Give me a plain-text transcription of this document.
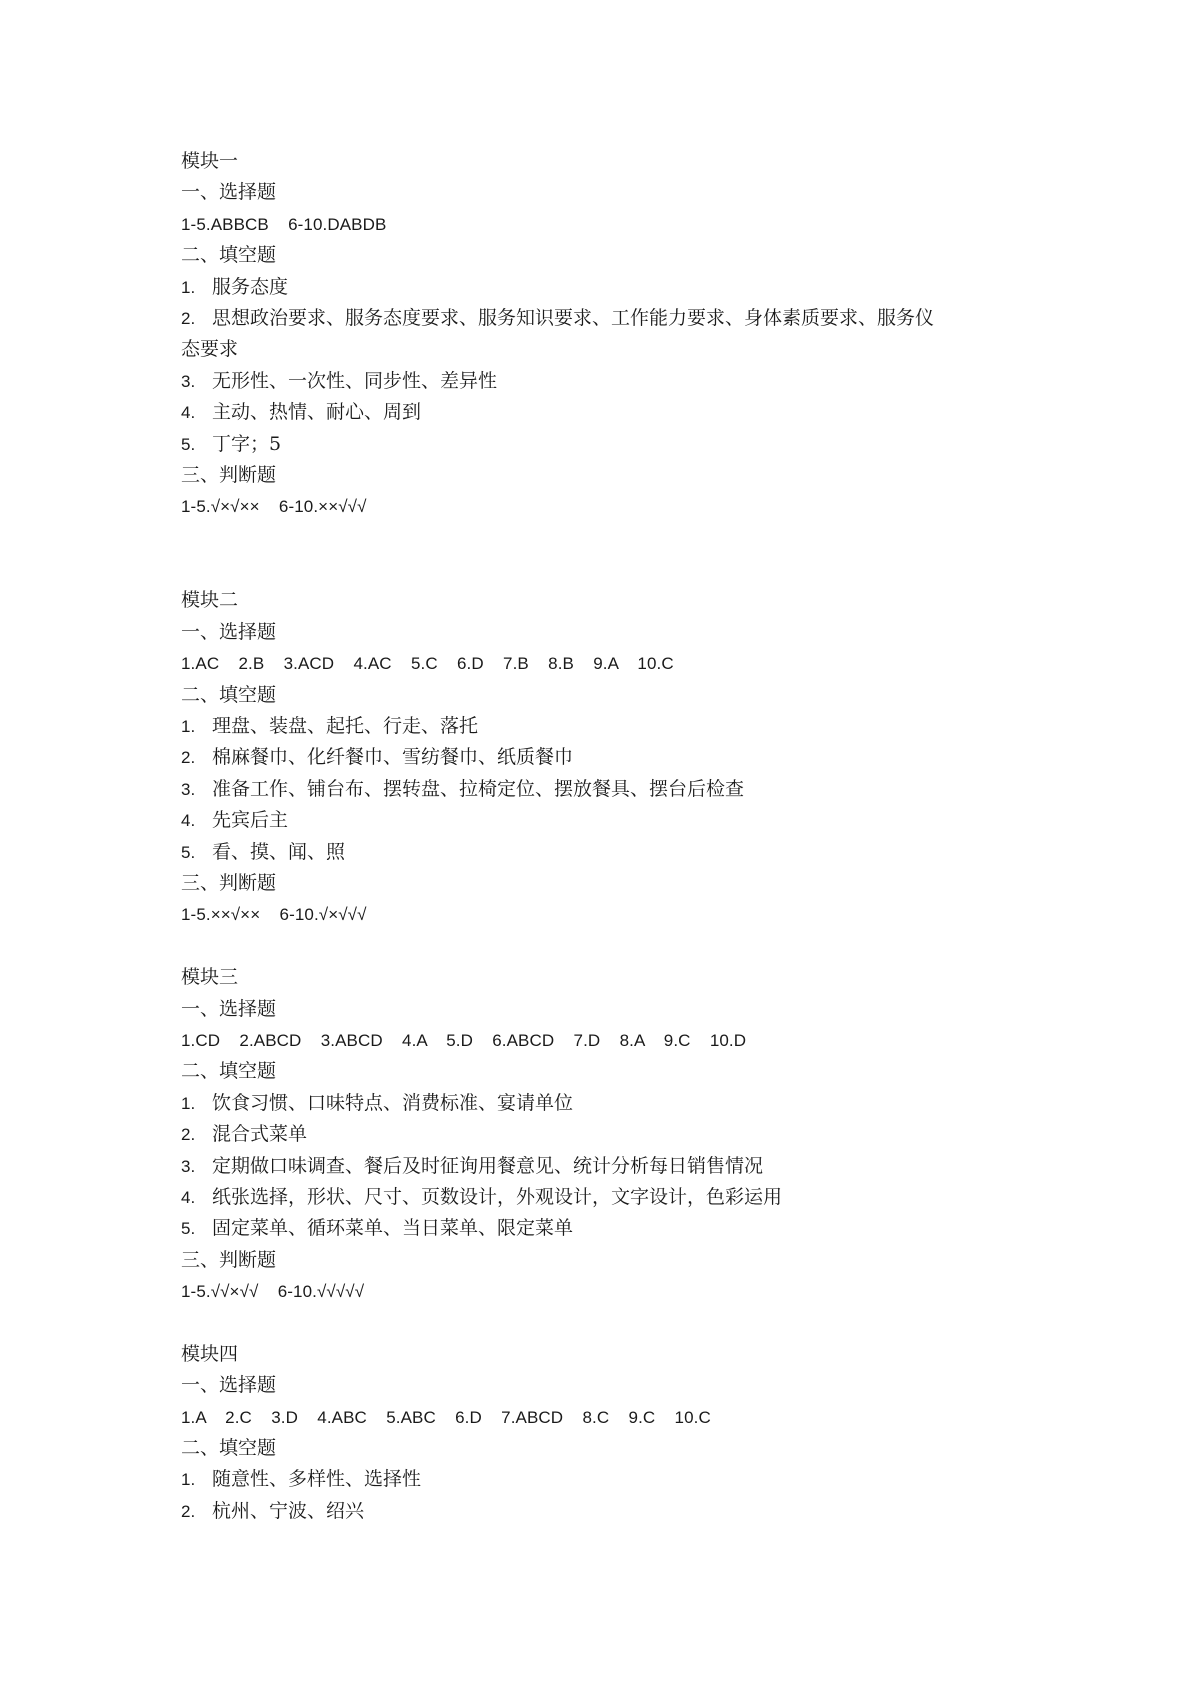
模块一
一、选择题
1-5.ABBCB    6-10.DABDB
二、填空题
1. 服务态度
2. 思想政治要求、服务态度要求、服务知识要求、工作能力要求、身体素质要求、服务仪
态要求
3. 无形性、一次性、同步性、差异性
4. 主动、热情、耐心、周到
5. 丁字；5
三、判断题
1-5.√×√××    6-10.××√√√
模块二
一、选择题
1.AC    2.B    3.ACD    4.AC    5.C    6.D    7.B    8.B    9.A    10.C
二、填空题
1. 理盘、装盘、起托、行走、落托
2. 棉麻餐巾、化纤餐巾、雪纺餐巾、纸质餐巾
3. 准备工作、铺台布、摆转盘、拉椅定位、摆放餐具、摆台后检查
4. 先宾后主
5. 看、摸、闻、照
三、判断题
1-5.××√××    6-10.√×√√√
模块三
一、选择题
1.CD    2.ABCD    3.ABCD    4.A    5.D    6.ABCD    7.D    8.A    9.C    10.D
二、填空题
1. 饮食习惯、口味特点、消费标准、宴请单位
2. 混合式菜单
3. 定期做口味调查、餐后及时征询用餐意见、统计分析每日销售情况
4. 纸张选择，形状、尺寸、页数设计，外观设计，文字设计，色彩运用
5. 固定菜单、循环菜单、当日菜单、限定菜单
三、判断题
1-5.√√×√√    6-10.√√√√√
模块四
一、选择题
1.A    2.C    3.D    4.ABC    5.ABC    6.D    7.ABCD    8.C    9.C    10.C
二、填空题
1. 随意性、多样性、选择性
2. 杭州、宁波、绍兴
